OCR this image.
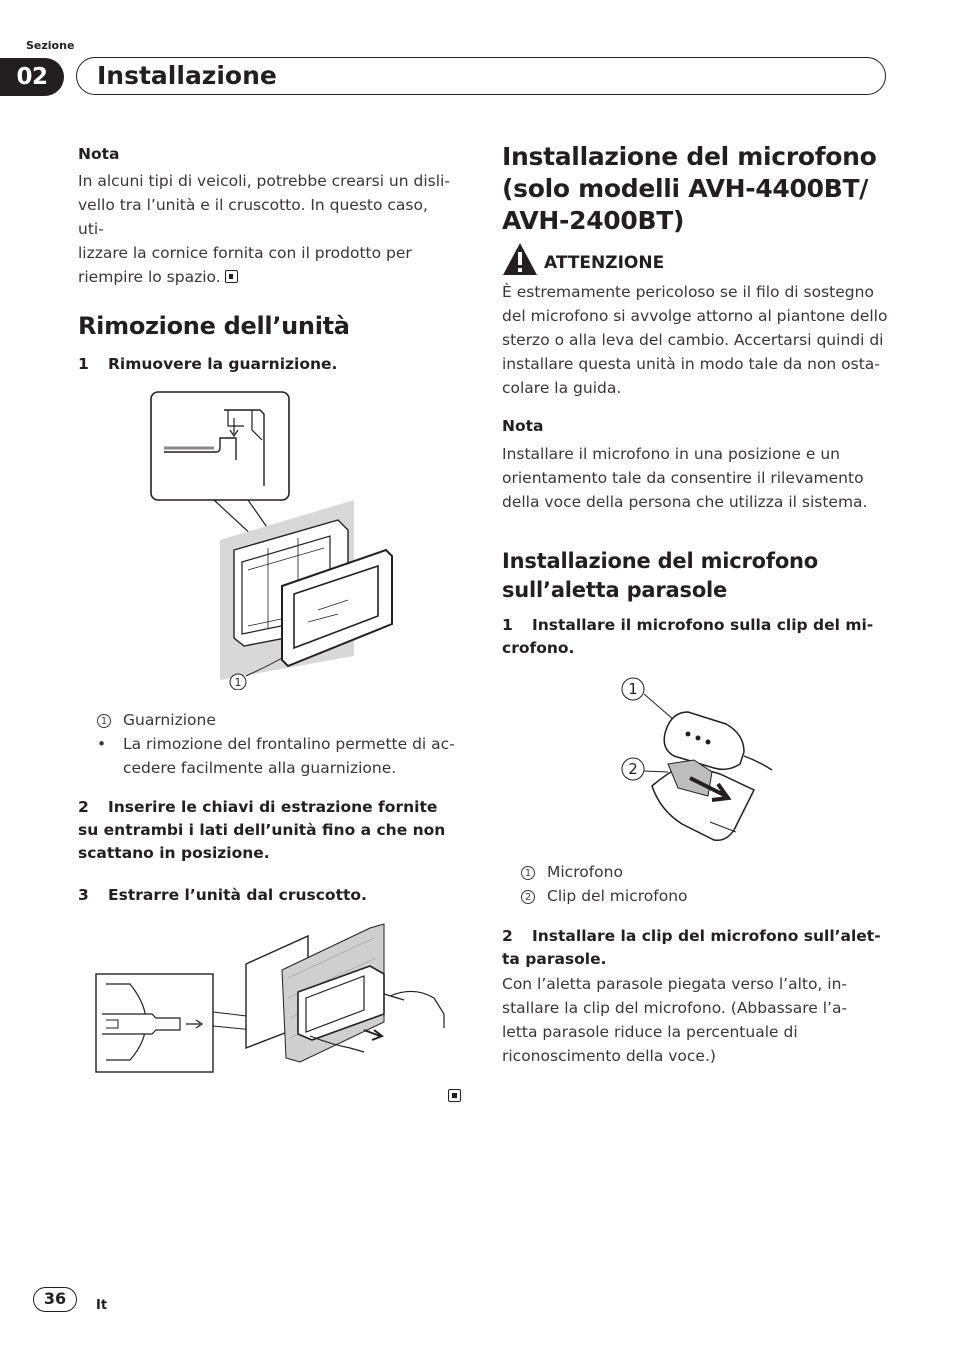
Sezione
02	Installazione
Nota
In alcuni tipi di veicoli, potrebbe crearsi un disli-
vello tra l’unità e il cruscotto. In questo caso, uti-
lizzare la cornice fornita con il prodotto per
riempire lo spazio.
Rimozione dell’unità
1 Rimuovere la guarnizione.
1
1	Guarnizione
•	La rimozione del frontalino permette di ac-
cedere facilmente alla guarnizione.
2 Inserire le chiavi di estrazione fornite
su entrambi i lati dell’unità fino a che non
scattano in posizione.
3 Estrarre l’unità dal cruscotto.
Installazione del microfono
(solo modelli AVH-4400BT/
AVH-2400BT)
ATTENZIONE
È estremamente pericoloso se il filo di sostegno
del microfono si avvolge attorno al piantone dello
sterzo o alla leva del cambio. Accertarsi quindi di
installare questa unità in modo tale da non osta-
colare la guida.
Nota
Installare il microfono in una posizione e un
orientamento tale da consentire il rilevamento
della voce della persona che utilizza il sistema.
Installazione del microfono
sull’aletta parasole
1 Installare il microfono sulla clip del mi-
crofono.
1
2
1	Microfono
2	Clip del microfono
2 Installare la clip del microfono sull’alet-
ta parasole.
Con l’aletta parasole piegata verso l’alto, in-
stallare la clip del microfono. (Abbassare l’a-
letta parasole riduce la percentuale di
riconoscimento della voce.)
36	It
